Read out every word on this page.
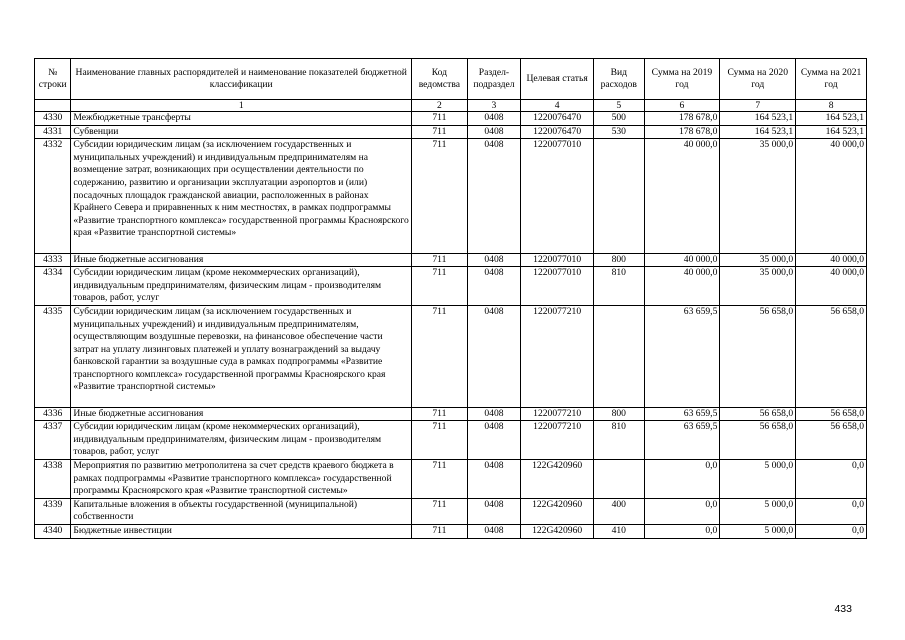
№ строки	Наименование главных распорядителей и наименование показателей бюджетной классификации	Код ведомства	Раздел-подраздел	Целевая статья	Вид расходов	Сумма на 2019 год	Сумма на 2020 год	Сумма на 2021 год
	1	2	3	4	5	6	7	8
4330	Межбюджетные трансферты	711	0408	1220076470	500	178 678,0	164 523,1	164 523,1
4331	Субвенции	711	0408	1220076470	530	178 678,0	164 523,1	164 523,1
4332	Субсидии юридическим лицам (за исключением государственных и муниципальных учреждений) и индивидуальным предпринимателям на возмещение затрат, возникающих при осуществлении деятельности по содержанию, развитию и организации эксплуатации аэропортов и (или) посадочных площадок гражданской авиации, расположенных в районах Крайнего Севера и приравненных к ним местностях, в рамках подпрограммы «Развитие транспортного комплекса» государственной программы Красноярского края «Развитие транспортной системы»	711	0408	1220077010		40 000,0	35 000,0	40 000,0
4333	Иные бюджетные ассигнования	711	0408	1220077010	800	40 000,0	35 000,0	40 000,0
4334	Субсидии юридическим лицам (кроме некоммерческих организаций), индивидуальным предпринимателям, физическим лицам - производителям товаров, работ, услуг	711	0408	1220077010	810	40 000,0	35 000,0	40 000,0
4335	Субсидии юридическим лицам (за исключением государственных и муниципальных учреждений) и индивидуальным предпринимателям, осуществляющим воздушные перевозки, на финансовое обеспечение части затрат на уплату лизинговых платежей и уплату вознаграждений за выдачу банковской гарантии за воздушные суда в рамках подпрограммы «Развитие транспортного комплекса» государственной программы Красноярского края «Развитие транспортной системы»	711	0408	1220077210		63 659,5	56 658,0	56 658,0
4336	Иные бюджетные ассигнования	711	0408	1220077210	800	63 659,5	56 658,0	56 658,0
4337	Субсидии юридическим лицам (кроме некоммерческих организаций), индивидуальным предпринимателям, физическим лицам - производителям товаров, работ, услуг	711	0408	1220077210	810	63 659,5	56 658,0	56 658,0
4338	Мероприятия по развитию метрополитена за счет средств краевого бюджета в рамках подпрограммы «Развитие транспортного комплекса» государственной программы Красноярского края «Развитие транспортной системы»	711	0408	122G420960		0,0	5 000,0	0,0
4339	Капитальные вложения в объекты государственной (муниципальной) собственности	711	0408	122G420960	400	0,0	5 000,0	0,0
4340	Бюджетные инвестиции	711	0408	122G420960	410	0,0	5 000,0	0,0
433
